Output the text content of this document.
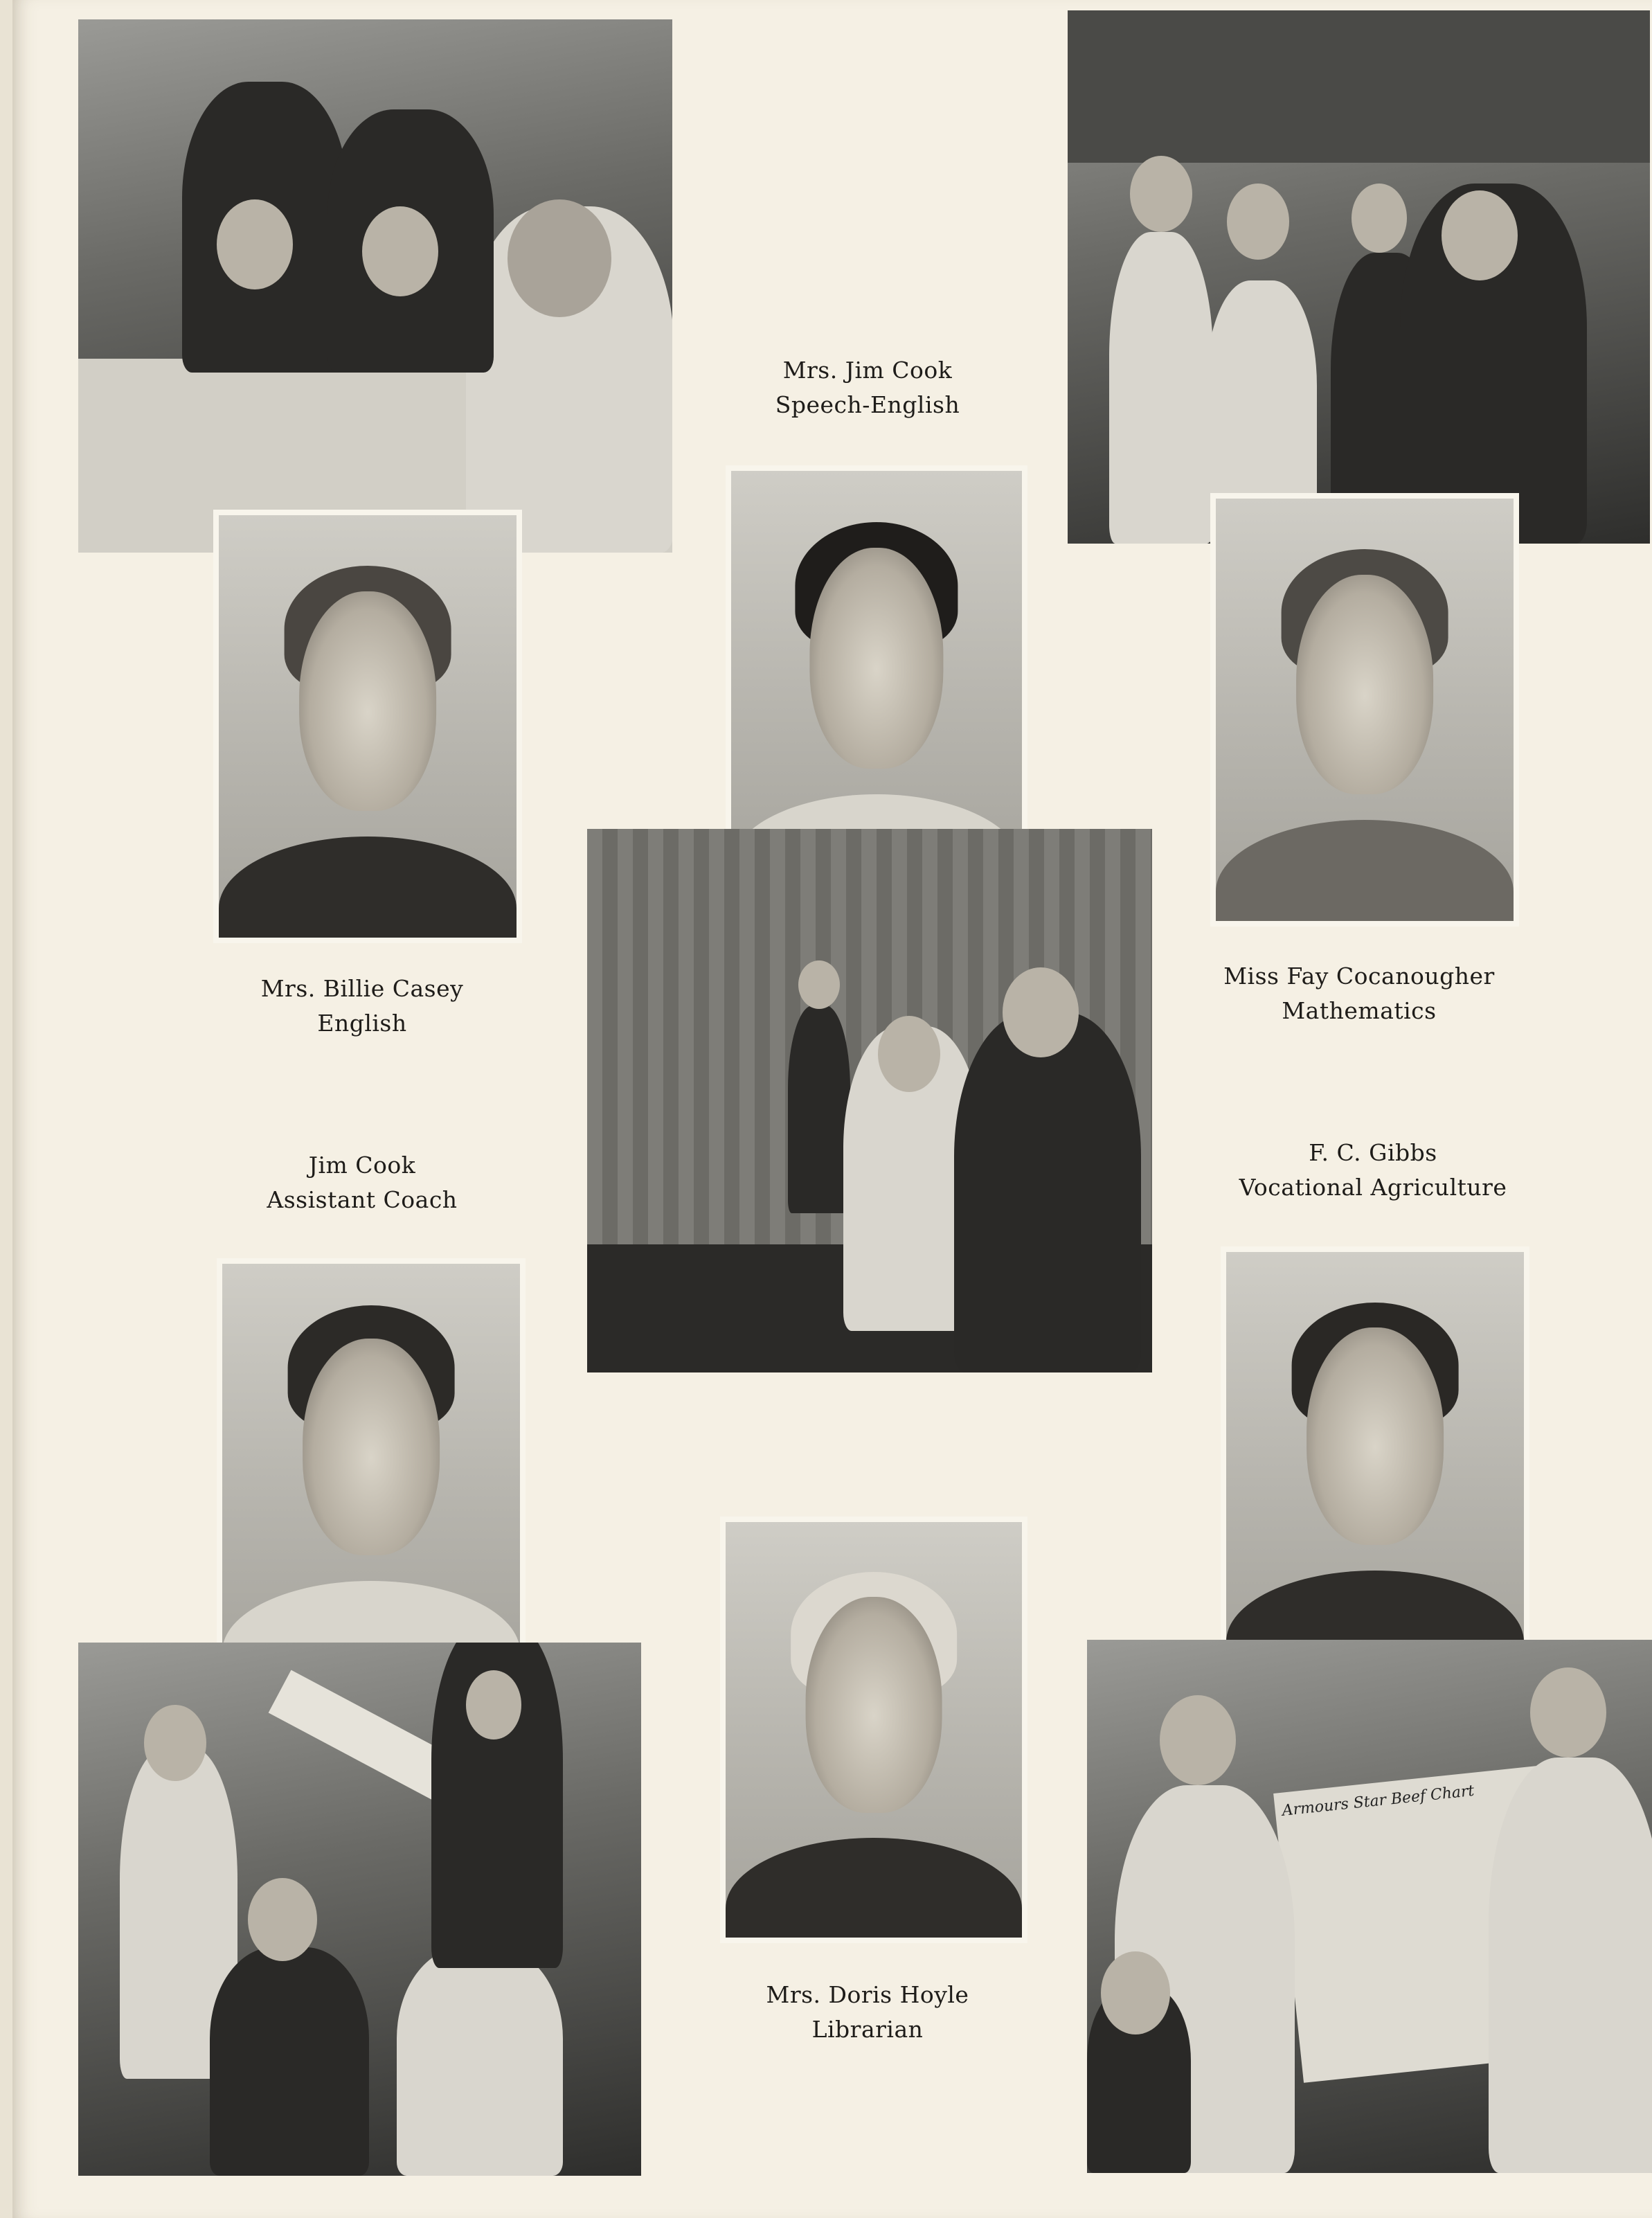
Mrs. Jim Cook
Speech-English
Mrs. Billie Casey
English
Miss Fay Cocanougher
Mathematics
Jim Cook
Assistant Coach
F. C. Gibbs
Vocational Agriculture
Mrs. Doris Hoyle
Librarian
Armours Star Beef Chart
